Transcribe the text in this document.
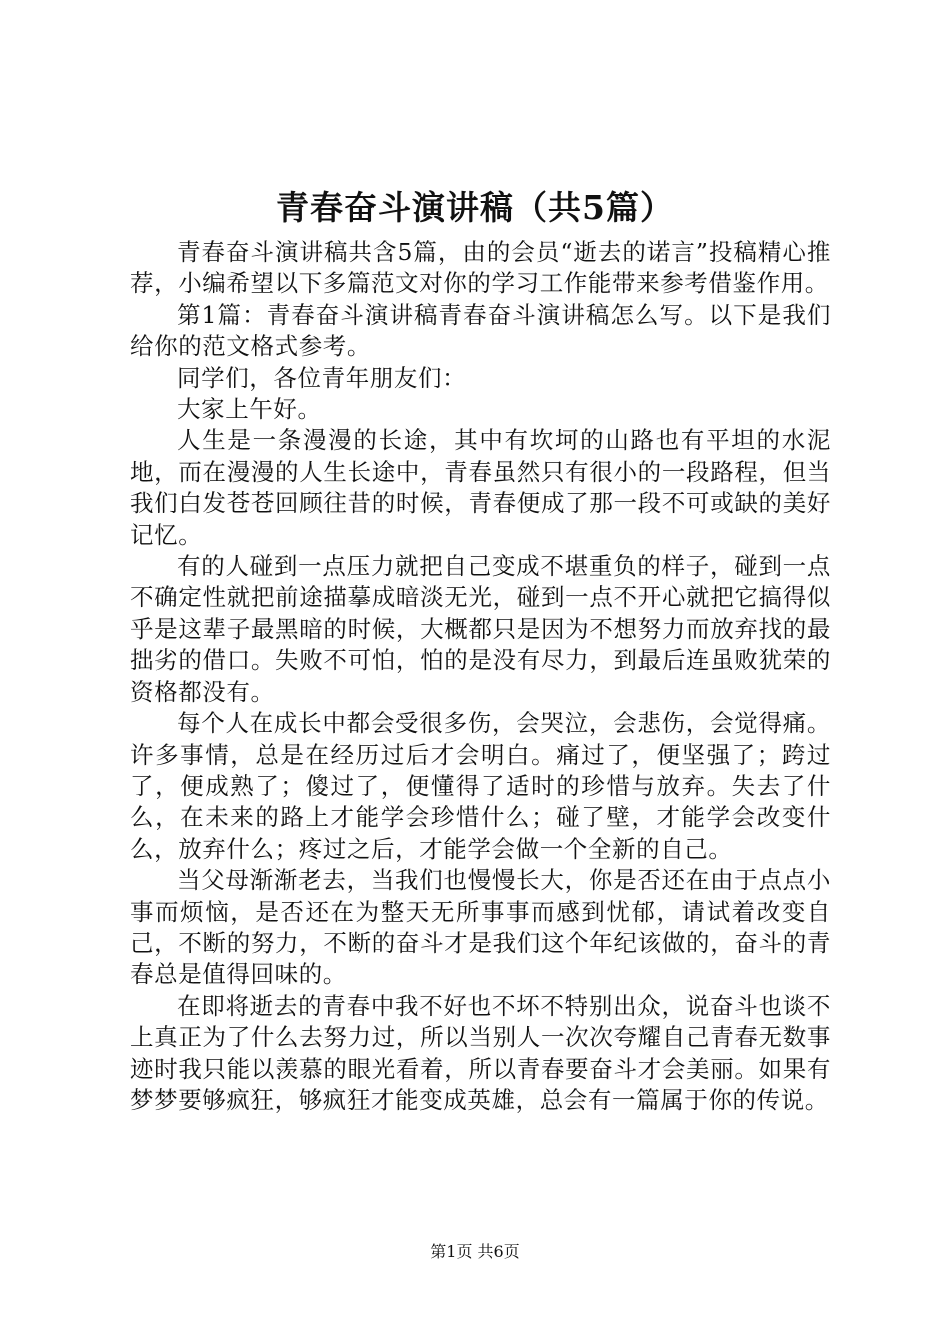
青春奋斗演讲稿（共5篇）

青春奋斗演讲稿共含5篇，由的会员“逝去的诺言”投稿精心推荐，小编希望以下多篇范文对你的学习工作能带来参考借鉴作用。

第1篇：青春奋斗演讲稿青春奋斗演讲稿怎么写。以下是我们给你的范文格式参考。

同学们，各位青年朋友们：

大家上午好。

人生是一条漫漫的长途，其中有坎坷的山路也有平坦的水泥地，而在漫漫的人生长途中，青春虽然只有很小的一段路程，但当我们白发苍苍回顾往昔的时候，青春便成了那一段不可或缺的美好记忆。

有的人碰到一点压力就把自己变成不堪重负的样子，碰到一点不确定性就把前途描摹成暗淡无光，碰到一点不开心就把它搞得似乎是这辈子最黑暗的时候，大概都只是因为不想努力而放弃找的最拙劣的借口。失败不可怕，怕的是没有尽力，到最后连虽败犹荣的资格都没有。

每个人在成长中都会受很多伤，会哭泣，会悲伤，会觉得痛。许多事情，总是在经历过后才会明白。痛过了，便坚强了；跨过了，便成熟了；傻过了，便懂得了适时的珍惜与放弃。失去了什么，在未来的路上才能学会珍惜什么；碰了壁，才能学会改变什么，放弃什么；疼过之后，才能学会做一个全新的自己。

当父母渐渐老去，当我们也慢慢长大，你是否还在由于点点小事而烦恼，是否还在为整天无所事事而感到忧郁，请试着改变自己，不断的努力，不断的奋斗才是我们这个年纪该做的，奋斗的青春总是值得回味的。

在即将逝去的青春中我不好也不坏不特别出众，说奋斗也谈不上真正为了什么去努力过，所以当别人一次次夸耀自己青春无数事迹时我只能以羡慕的眼光看着，所以青春要奋斗才会美丽。如果有梦梦要够疯狂，够疯狂才能变成英雄，总会有一篇属于你的传说。

第1页 共6页
